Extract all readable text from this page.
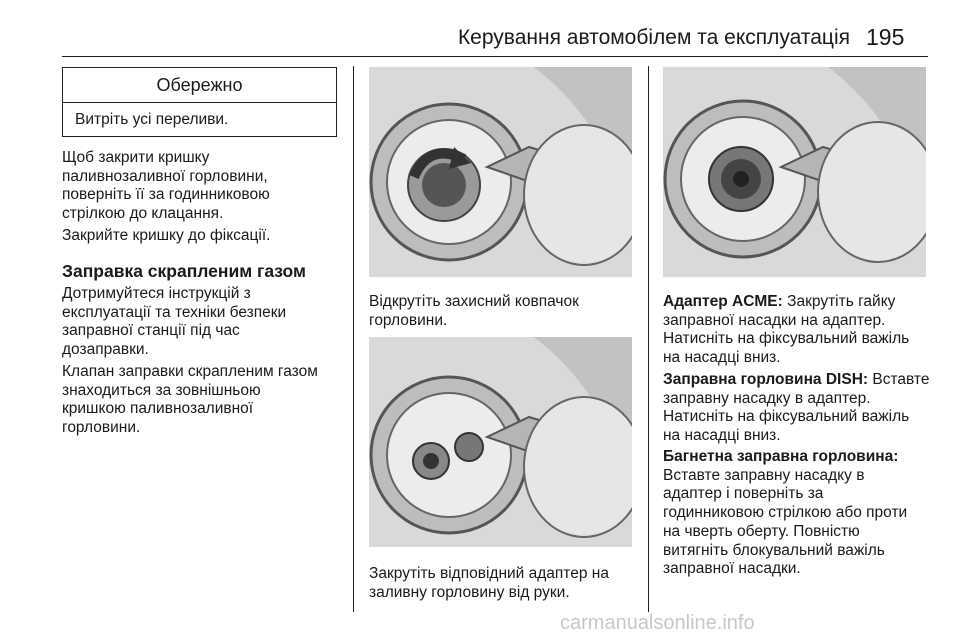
Керування автомобілем та експлуатація 195
Обережно
Витріть усі переливи.

Щоб закрити кришку
паливнозаливної горловини,
поверніть її за годинниковою
стрілкою до клацання.

Закрийте кришку до фіксації.

Заправка скрапленим газом

Дотримуйтеся інструкцій з
експлуатації та техніки безпеки
заправної станції під час
дозаправки.

Клапан заправки скрапленим газом
знаходиться за зовнішньою
кришкою паливнозаливної
горловини.

Відкрутіть захисний ковпачок
горловини.

Закрутіть відповідний адаптер на
заливну горловину від руки.

Адаптер ACME: Закрутіть гайку
заправної насадки на адаптер.
Натисніть на фіксувальний важіль
на насадці вниз.

Заправна горловина DISH: Вставте
заправну насадку в адаптер.
Натисніть на фіксувальний важіль
на насадці вниз.

Багнетна заправна горловина:
Вставте заправну насадку в
адаптер і поверніть за
годинниковою стрілкою або проти
на чверть оберту. Повністю
витягніть блокувальний важіль
заправної насадки.

carmanualsonline.info
